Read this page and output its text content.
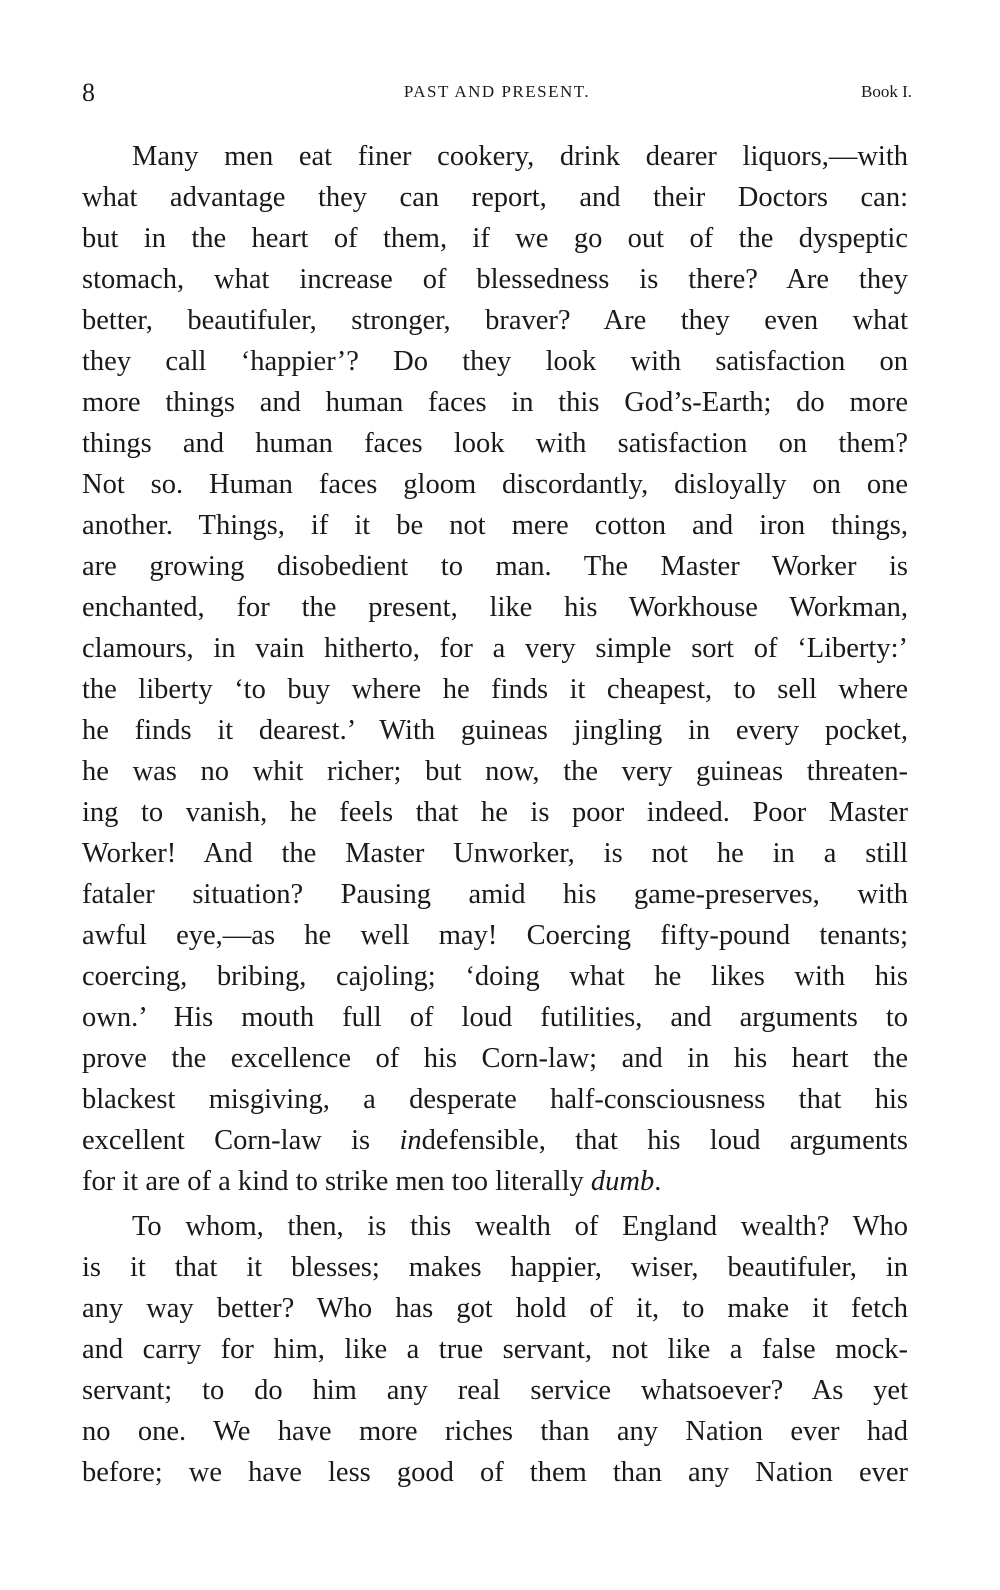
8	PAST AND PRESENT.	Book I.
Many men eat finer cookery, drink dearer liquors,—with
what advantage they can report, and their Doctors can:
but in the heart of them, if we go out of the dyspeptic
stomach, what increase of blessedness is there? Are they
better, beautifuler, stronger, braver? Are they even what
they call ‘happier’? Do they look with satisfaction on
more things and human faces in this God’s-Earth; do more
things and human faces look with satisfaction on them?
Not so. Human faces gloom discordantly, disloyally on one
another. Things, if it be not mere cotton and iron things,
are growing disobedient to man. The Master Worker is
enchanted, for the present, like his Workhouse Workman,
clamours, in vain hitherto, for a very simple sort of ‘Liberty:’
the liberty ‘to buy where he finds it cheapest, to sell where
he finds it dearest.’ With guineas jingling in every pocket,
he was no whit richer; but now, the very guineas threaten-
ing to vanish, he feels that he is poor indeed. Poor Master
Worker! And the Master Unworker, is not he in a still
fataler situation? Pausing amid his game-preserves, with
awful eye,—as he well may! Coercing fifty-pound tenants;
coercing, bribing, cajoling; ‘doing what he likes with his
own.’ His mouth full of loud futilities, and arguments to
prove the excellence of his Corn-law; and in his heart the
blackest misgiving, a desperate half-consciousness that his
excellent Corn-law is indefensible, that his loud arguments
for it are of a kind to strike men too literally dumb.
To whom, then, is this wealth of England wealth? Who
is it that it blesses; makes happier, wiser, beautifuler, in
any way better? Who has got hold of it, to make it fetch
and carry for him, like a true servant, not like a false mock-
servant; to do him any real service whatsoever? As yet
no one. We have more riches than any Nation ever had
before; we have less good of them than any Nation ever
